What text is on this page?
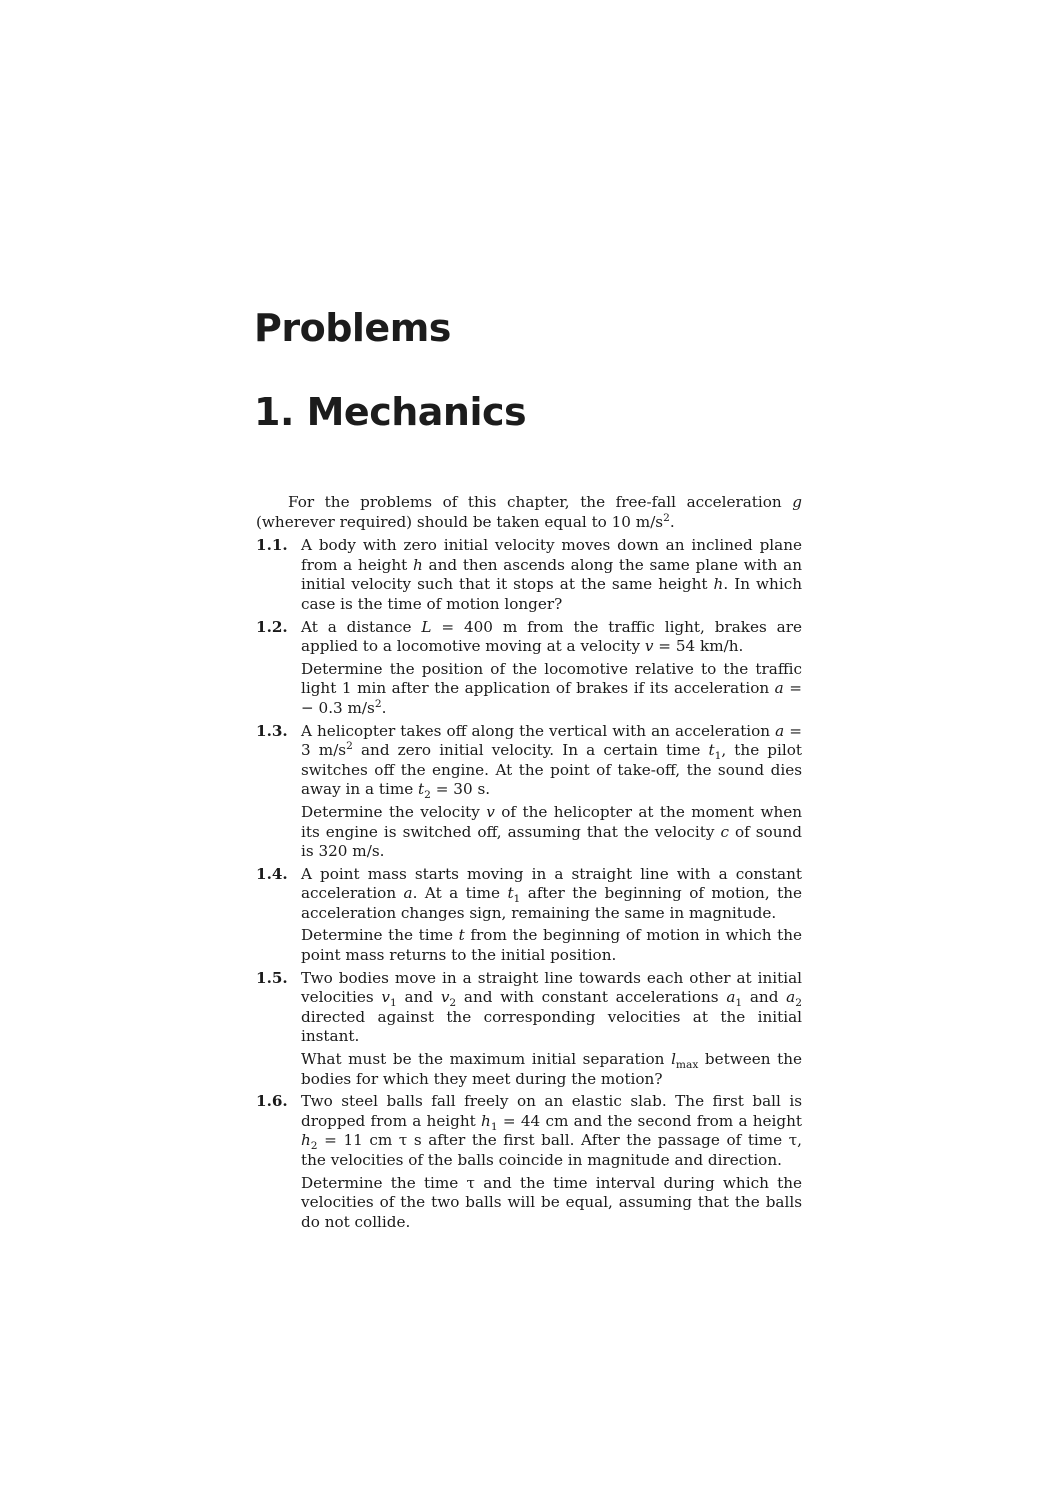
Problems
1. Mechanics

For the problems of this chapter, the free-fall acceleration g (wherever required) should be taken equal to 10 $m/s^2$.

1.1. A body with zero initial velocity moves down an inclined plane from a height h and then ascends along the same plane with an initial velocity such that it stops at the same height h. In which case is the time of motion longer?

1.2. At a distance L = 400 m from the traffic light, brakes are applied to a locomotive moving at a velocity v = 54 km/h.

Determine the position of the locomotive relative to the traffic light 1 min after the application of brakes if its acceleration a = − 0.3 $m/s^2$.

1.3. A helicopter takes off along the vertical with an acceleration a = 3 $m/s^2$ and zero initial velocity. In a certain time $t_1$, the pilot switches off the engine. At the point of take-off, the sound dies away in a time $t_2 = 30$ s.

Determine the velocity v of the helicopter at the moment when its engine is switched off, assuming that the velocity c of sound is 320 m/s.

1.4. A point mass starts moving in a straight line with a constant acceleration a. At a time $t_1$ after the beginning of motion, the acceleration changes sign, remaining the same in magnitude.

Determine the time t from the beginning of motion in which the point mass returns to the initial position.

1.5. Two bodies move in a straight line towards each other at initial velocities $v_1$ and $v_2$ and with constant accelerations $a_1$ and $a_2$ directed against the corresponding velocities at the initial instant.

What must be the maximum initial separation $l_{max}$ between the bodies for which they meet during the motion?

1.6. Two steel balls fall freely on an elastic slab. The first ball is dropped from a height $h_1 = 44$ cm and the second from a height $h_2 = 11$ cm τ s after the first ball. After the passage of time τ, the velocities of the balls coincide in magnitude and direction.

Determine the time τ and the time interval during which the velocities of the two balls will be equal, assuming that the balls do not collide.
